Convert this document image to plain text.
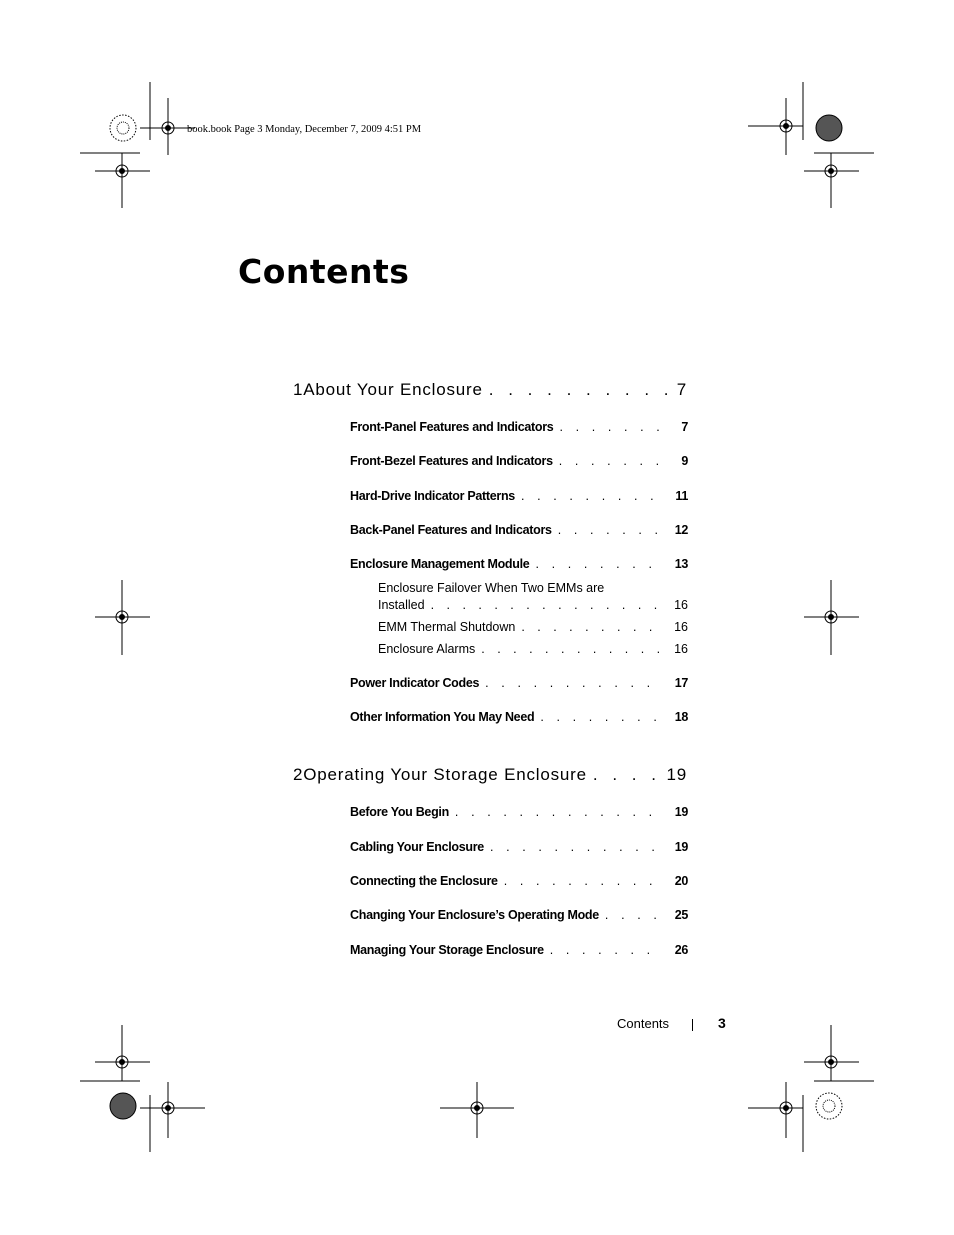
book.book Page 3 Monday, December 7, 2009 4:51 PM
Contents
1 About Your Enclosure . . .	7
Front-Panel Features and Indicators . . .	7
Front-Bezel Features and Indicators . . .	9
Hard-Drive Indicator Patterns . . .	11
Back-Panel Features and Indicators . . .	12
Enclosure Management Module . . .	13
Enclosure Failover When Two EMMs are
Installed . . .	16
EMM Thermal Shutdown . . .	16
Enclosure Alarms . . .	16
Power Indicator Codes . . .	17
Other Information You May Need . . .	18
2 Operating Your Storage Enclosure . . .	19
Before You Begin . . .	19
Cabling Your Enclosure . . .	19
Connecting the Enclosure . . .	20
Changing Your Enclosure’s Operating Mode . . .	25
Managing Your Storage Enclosure . . .	26
Contents	3
